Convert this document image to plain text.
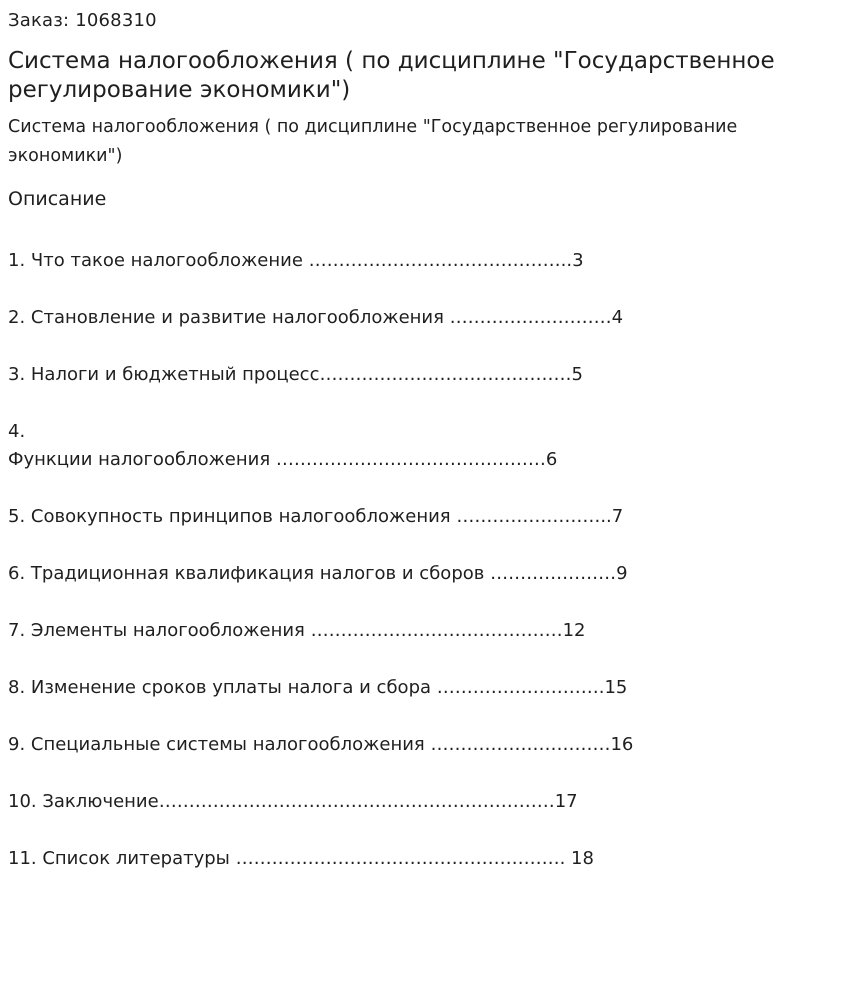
Заказ: 1068310
Система налогообложения ( по дисциплине "Государственное регулирование экономики")

Система налогообложения ( по дисциплине "Государственное регулирование экономики")

Описание
1. Что такое налогообложение ……………………………………..3
2. Становление и развитие налогообложения ………………………4
3. Налоги и бюджетный процесс……………………………………5
4.
Функции налогообложения ………………………………………6
5. Совокупность принципов налогообложения ……………………..7
6. Традиционная квалификация налогов и сборов …………………9
7. Элементы налогообложения ……………………………………12
8. Изменение сроков уплаты налога и сбора ……………………….15
9. Специальные системы налогообложения …………………………16
10. Заключение…………………………………………………………17
11. Список литературы ………………………………………………. 18
